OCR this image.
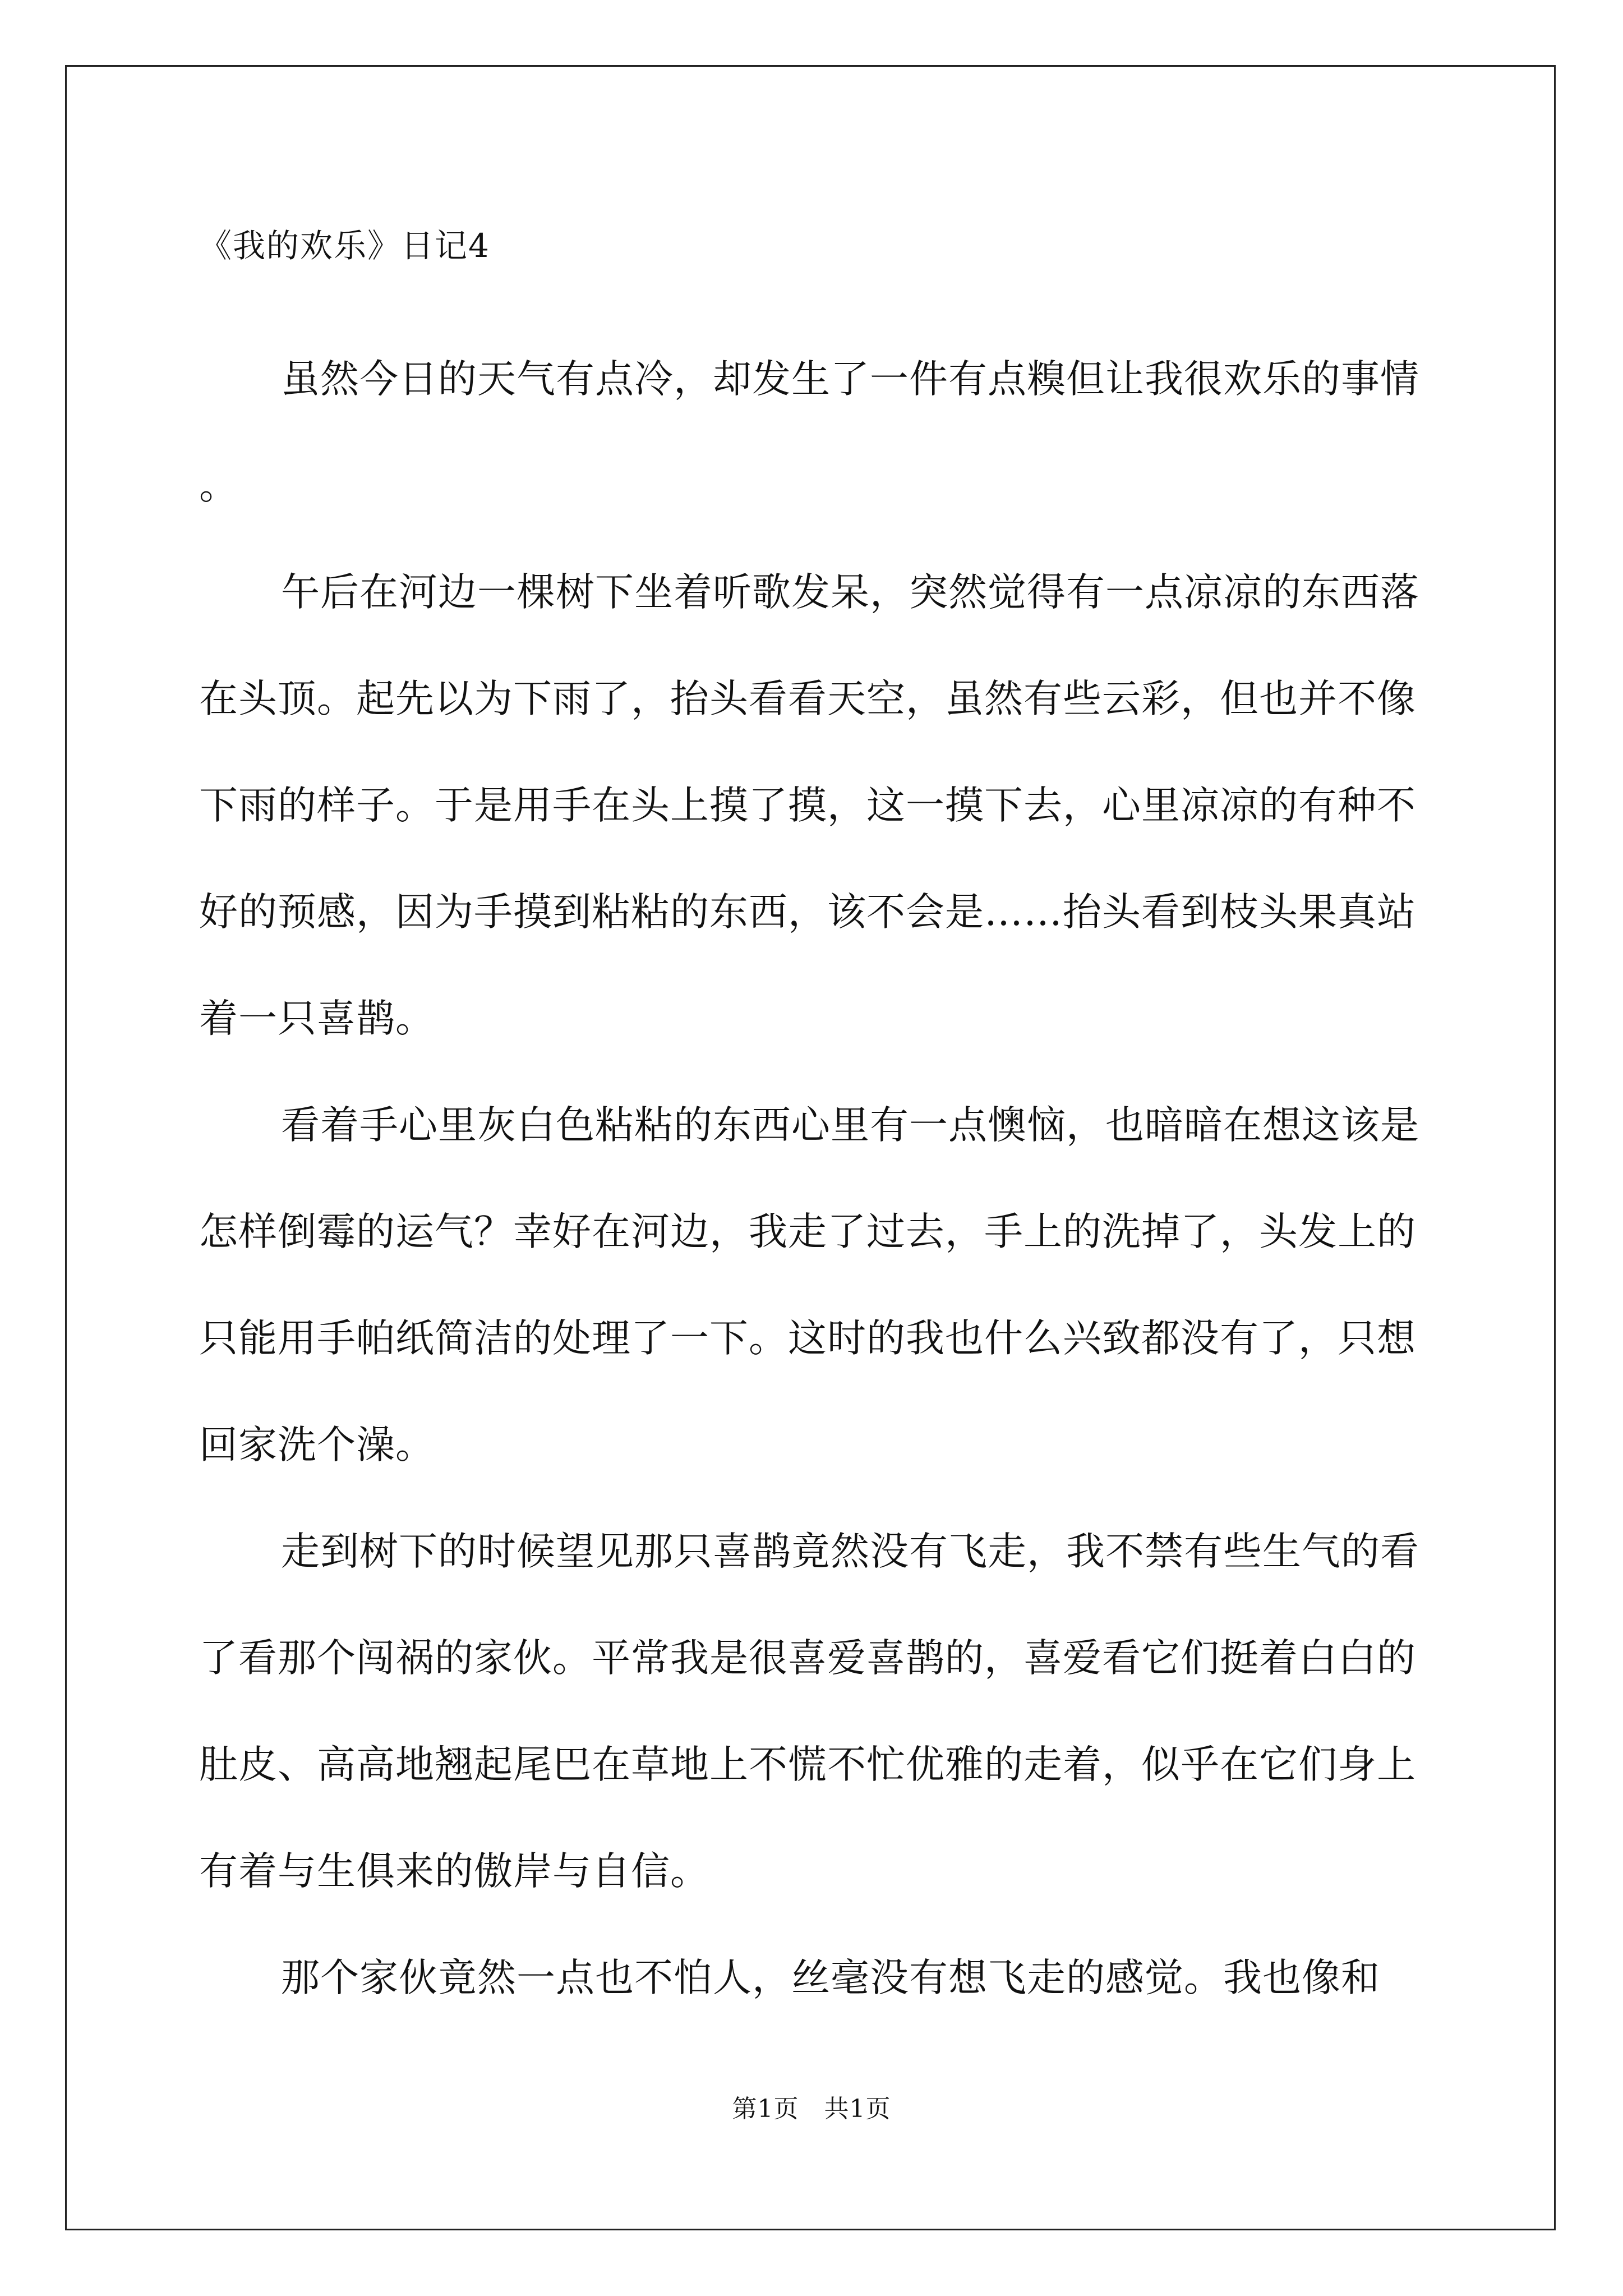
《我的欢乐》日记4

虽然今日的天气有点冷，却发生了一件有点糗但让我很欢乐的事情。

午后在河边一棵树下坐着听歌发呆，突然觉得有一点凉凉的东西落在头顶。起先以为下雨了，抬头看看天空，虽然有些云彩，但也并不像下雨的样子。于是用手在头上摸了摸，这一摸下去，心里凉凉的有种不好的预感，因为手摸到粘粘的东西，该不会是……抬头看到枝头果真站着一只喜鹊。

看着手心里灰白色粘粘的东西心里有一点懊恼，也暗暗在想这该是怎样倒霉的运气？幸好在河边，我走了过去，手上的洗掉了，头发上的只能用手帕纸简洁的处理了一下。这时的我也什么兴致都没有了，只想回家洗个澡。

走到树下的时候望见那只喜鹊竟然没有飞走，我不禁有些生气的看了看那个闯祸的家伙。平常我是很喜爱喜鹊的，喜爱看它们挺着白白的肚皮、高高地翘起尾巴在草地上不慌不忙优雅的走着，似乎在它们身上有着与生俱来的傲岸与自信。

那个家伙竟然一点也不怕人，丝毫没有想飞走的感觉。我也像和

第1页　共1页
